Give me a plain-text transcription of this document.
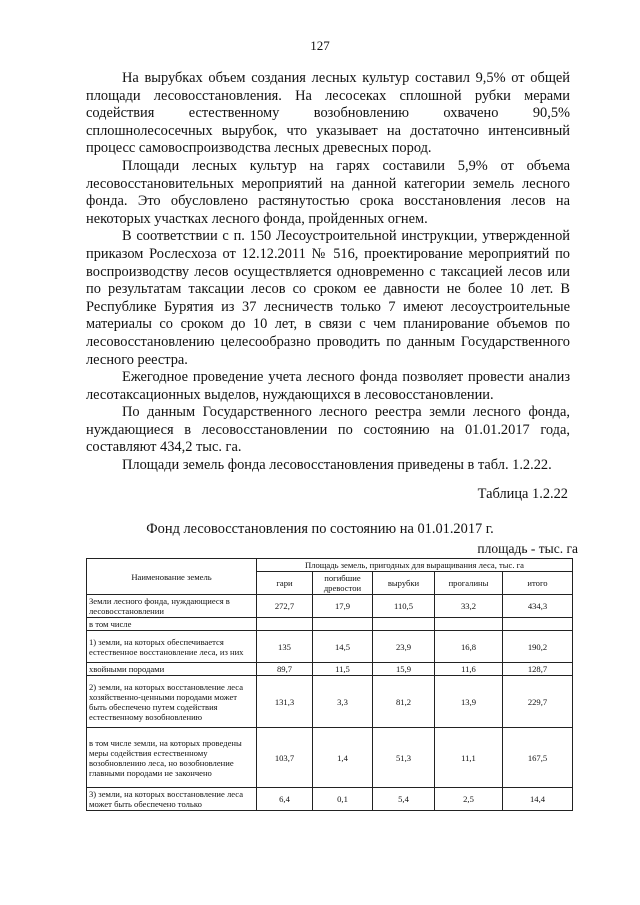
127

На вырубках объем создания лесных культур составил 9,5% от общей площади лесовосстановления. На лесосеках сплошной рубки мерами содействия естественному возобновлению охвачено 90,5% сплошнолесосечных вырубок, что указывает на достаточно интенсивный процесс самовоспроизводства лесных древесных пород.

Площади лесных культур на гарях составили 5,9% от объема лесовосстановительных мероприятий на данной категории земель лесного фонда. Это обусловлено растянутостью срока восстановления лесов на некоторых участках лесного фонда, пройденных огнем.

В соответствии с п. 150 Лесоустроительной инструкции, утвержденной приказом Рослесхоза от 12.12.2011 № 516, проектирование мероприятий по воспроизводству лесов осуществляется одновременно с таксацией лесов или по результатам таксации лесов со сроком ее давности не более 10 лет. В Республике Бурятия из 37 лесничеств только 7 имеют лесоустроительные материалы со сроком до 10 лет, в связи с чем планирование объемов по лесовосстановлению целесообразно проводить по данным Государственного лесного реестра.

Ежегодное проведение учета лесного фонда позволяет провести анализ лесотаксационных выделов, нуждающихся в лесовосстановлении.

По данным Государственного лесного реестра земли лесного фонда, нуждающиеся в лесовосстановлении по состоянию на 01.01.2017 года, составляют 434,2 тыс. га.

Площади земель фонда лесовосстановления приведены в табл. 1.2.22.

Таблица 1.2.22
Фонд лесовосстановления по состоянию на 01.01.2017 г.
площадь - тыс. га
Наименование земель	Площадь земель, пригодных для выращивания леса, тыс. га				
	гари	погибшие древостои	вырубки	прогалины	итого
Земли лесного фонда, нуждающиеся в лесовосстановлении	272,7	17,9	110,5	33,2	434,3
в том числе					
1) земли, на которых обеспечивается естественное восстановление леса, из них	135	14,5	23,9	16,8	190,2
хвойными породами	89,7	11,5	15,9	11,6	128,7
2) земли, на которых восстановление леса хозяйственно-ценными породами может быть обеспечено путем содействия естественному возобновлению	131,3	3,3	81,2	13,9	229,7
в том числе земли, на которых проведены меры содействия естественному возобновлению леса, но возобновление главными породами не закончено	103,7	1,4	51,3	11,1	167,5
3) земли, на которых восстановление леса может быть обеспечено только	6,4	0,1	5,4	2,5	14,4
